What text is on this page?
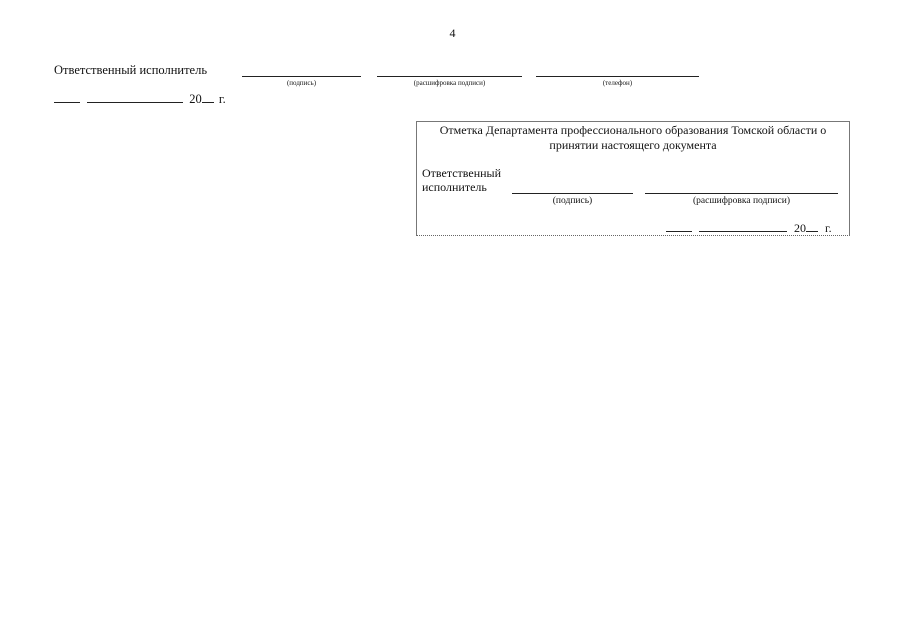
4
Ответственный исполнитель
(подпись)	(расшифровка подписи)	(телефон)
20 г.
Отметка Департамента профессионального образования Томской области о принятии настоящего документа
Ответственный
исполнитель
(подпись)	(расшифровка подписи)
20 г.
